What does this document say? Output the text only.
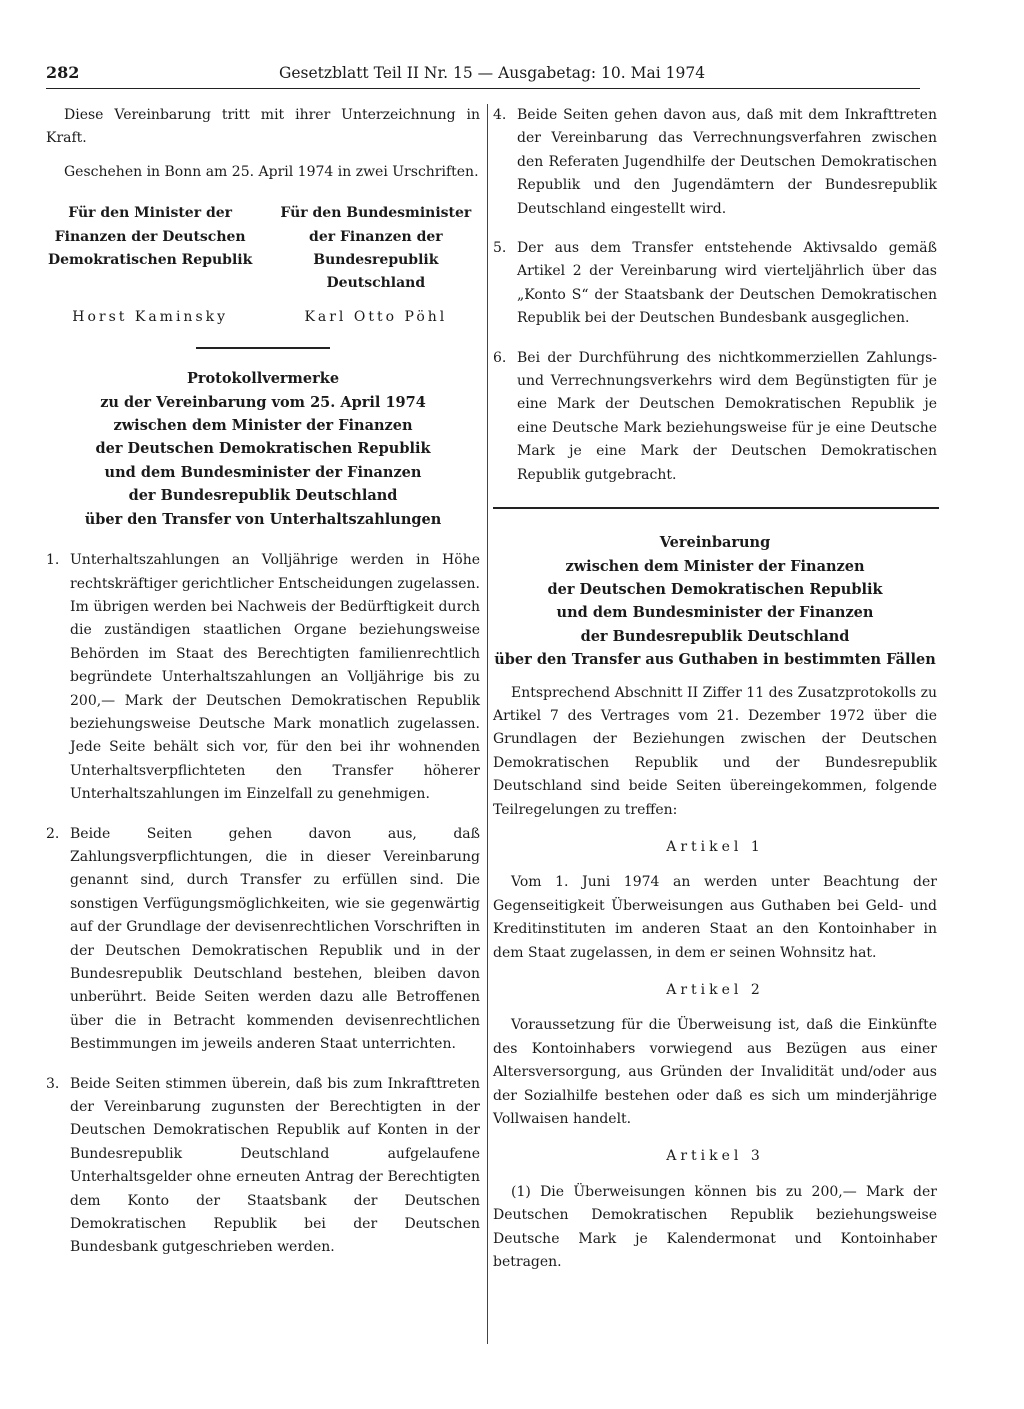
282	Gesetzblatt Teil II Nr. 15 — Ausgabetag: 10. Mai 1974

Diese Vereinbarung tritt mit ihrer Unterzeichnung in Kraft.

Geschehen in Bonn am 25. April 1974 in zwei Urschriften.

Für den Minister der Finanzen der Deutschen Demokratischen Republik
Für den Bundesminister der Finanzen der Bundesrepublik Deutschland
Horst Kaminsky	Karl Otto Pöhl
Protokollvermerke
zu der Vereinbarung vom 25. April 1974
zwischen dem Minister der Finanzen
der Deutschen Demokratischen Republik
und dem Bundesminister der Finanzen
der Bundesrepublik Deutschland
über den Transfer von Unterhaltszahlungen
1. Unterhaltszahlungen an Volljährige werden in Höhe rechtskräftiger gerichtlicher Entscheidungen zugelassen. Im übrigen werden bei Nachweis der Bedürftigkeit durch die zuständigen staatlichen Organe beziehungsweise Behörden im Staat des Berechtigten familienrechtlich begründete Unterhaltszahlungen an Volljährige bis zu 200,— Mark der Deutschen Demokratischen Republik beziehungsweise Deutsche Mark monatlich zugelassen. Jede Seite behält sich vor, für den bei ihr wohnenden Unterhaltsverpflichteten den Transfer höherer Unterhaltszahlungen im Einzelfall zu genehmigen.
2. Beide Seiten gehen davon aus, daß Zahlungsverpflichtungen, die in dieser Vereinbarung genannt sind, durch Transfer zu erfüllen sind. Die sonstigen Verfügungsmöglichkeiten, wie sie gegenwärtig auf der Grundlage der devisenrechtlichen Vorschriften in der Deutschen Demokratischen Republik und in der Bundesrepublik Deutschland bestehen, bleiben davon unberührt. Beide Seiten werden dazu alle Betroffenen über die in Betracht kommenden devisenrechtlichen Bestimmungen im jeweils anderen Staat unterrichten.
3. Beide Seiten stimmen überein, daß bis zum Inkrafttreten der Vereinbarung zugunsten der Berechtigten in der Deutschen Demokratischen Republik auf Konten in der Bundesrepublik Deutschland aufgelaufene Unterhaltsgelder ohne erneuten Antrag der Berechtigten dem Konto der Staatsbank der Deutschen Demokratischen Republik bei der Deutschen Bundesbank gutgeschrieben werden.
4. Beide Seiten gehen davon aus, daß mit dem Inkrafttreten der Vereinbarung das Verrechnungsverfahren zwischen den Referaten Jugendhilfe der Deutschen Demokratischen Republik und den Jugendämtern der Bundesrepublik Deutschland eingestellt wird.
5. Der aus dem Transfer entstehende Aktivsaldo gemäß Artikel 2 der Vereinbarung wird vierteljährlich über das „Konto S“ der Staatsbank der Deutschen Demokratischen Republik bei der Deutschen Bundesbank ausgeglichen.
6. Bei der Durchführung des nichtkommerziellen Zahlungs- und Verrechnungsverkehrs wird dem Begünstigten für je eine Mark der Deutschen Demokratischen Republik je eine Deutsche Mark beziehungsweise für je eine Deutsche Mark je eine Mark der Deutschen Demokratischen Republik gutgebracht.
Vereinbarung
zwischen dem Minister der Finanzen
der Deutschen Demokratischen Republik
und dem Bundesminister der Finanzen
der Bundesrepublik Deutschland
über den Transfer aus Guthaben in bestimmten Fällen

Entsprechend Abschnitt II Ziffer 11 des Zusatzprotokolls zu Artikel 7 des Vertrages vom 21. Dezember 1972 über die Grundlagen der Beziehungen zwischen der Deutschen Demokratischen Republik und der Bundesrepublik Deutschland sind beide Seiten übereingekommen, folgende Teilregelungen zu treffen:

Artikel 1

Vom 1. Juni 1974 an werden unter Beachtung der Gegenseitigkeit Überweisungen aus Guthaben bei Geld- und Kreditinstituten im anderen Staat an den Kontoinhaber in dem Staat zugelassen, in dem er seinen Wohnsitz hat.

Artikel 2

Voraussetzung für die Überweisung ist, daß die Einkünfte des Kontoinhabers vorwiegend aus Bezügen aus einer Altersversorgung, aus Gründen der Invalidität und/oder aus der Sozialhilfe bestehen oder daß es sich um minderjährige Vollwaisen handelt.

Artikel 3

(1) Die Überweisungen können bis zu 200,— Mark der Deutschen Demokratischen Republik beziehungsweise Deutsche Mark je Kalendermonat und Kontoinhaber betragen.
